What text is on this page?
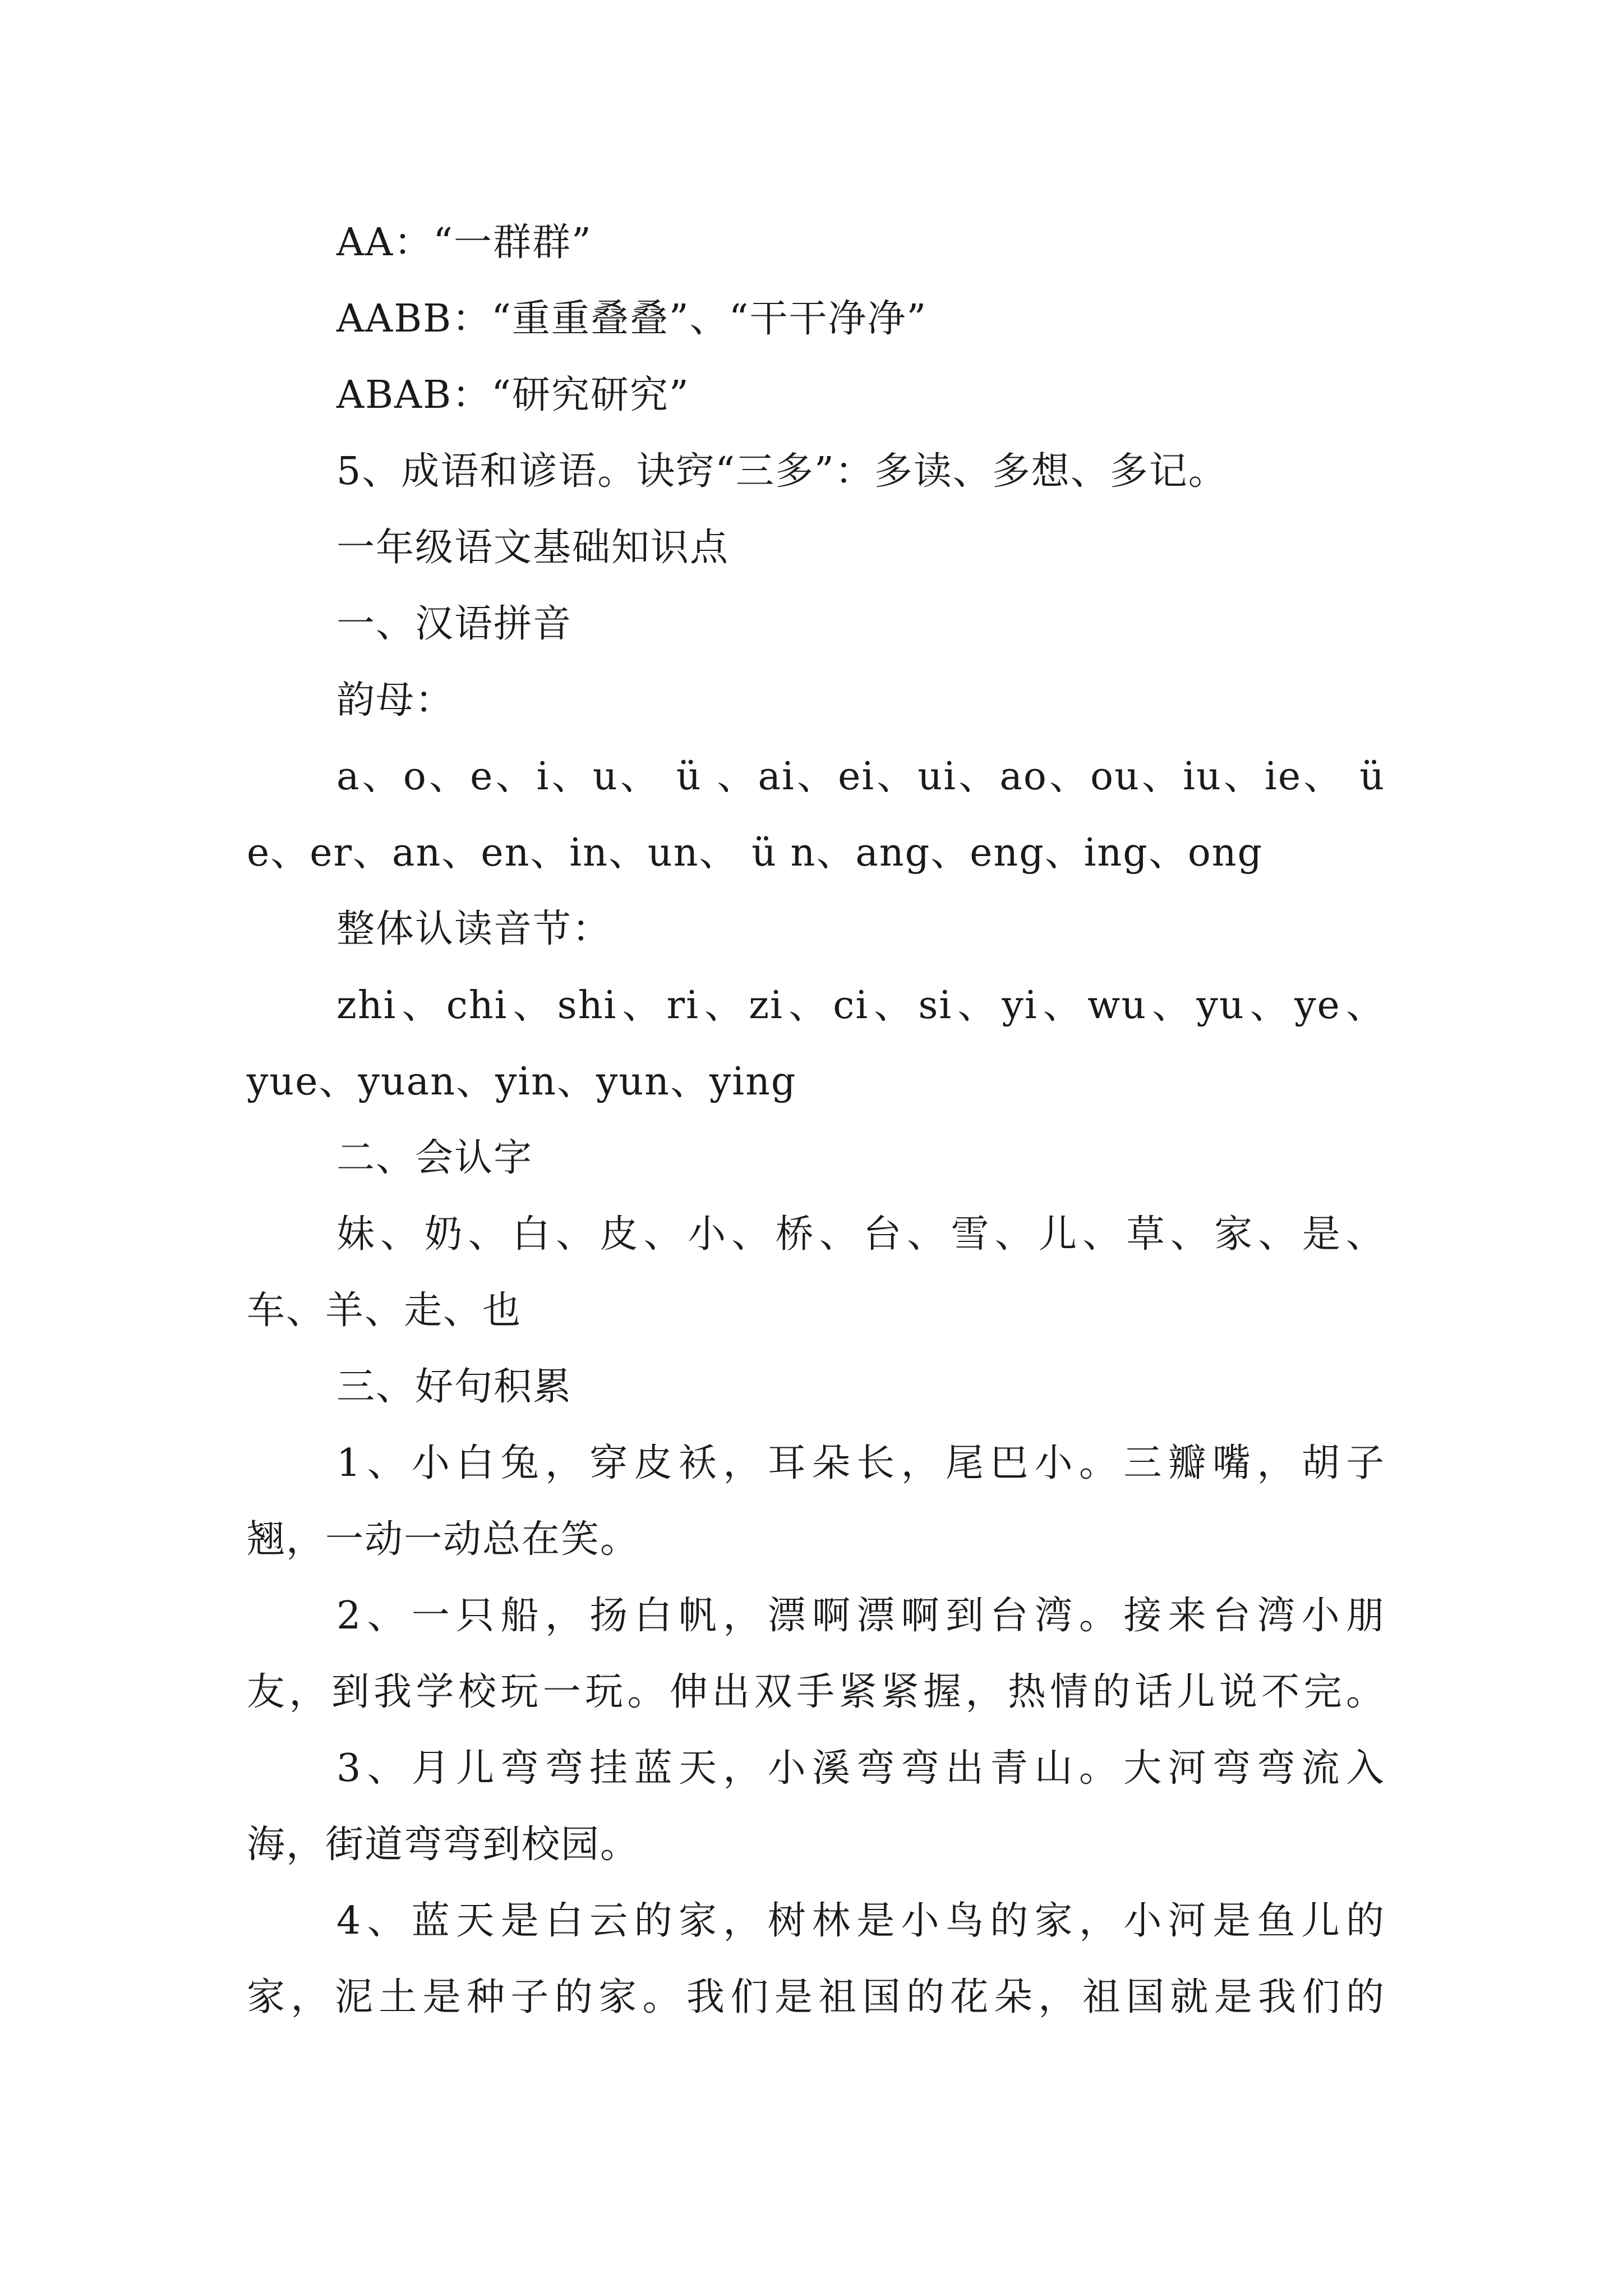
AA：“一群群”
AABB：“重重叠叠”、“干干净净”
ABAB：“研究研究”
5、成语和谚语。诀窍“三多”：多读、多想、多记。
一年级语文基础知识点
一、汉语拼音
韵母：
a、o、e、i、u、 ü 、ai、ei、ui、ao、ou、iu、ie、 ü
e、er、an、en、in、un、 ü n、ang、eng、ing、ong
整体认读音节：
zhi、chi、shi、ri、zi、ci、si、yi、wu、yu、ye、
yue、yuan、yin、yun、ying
二、会认字
妹、奶、白、皮、小、桥、台、雪、儿、草、家、是、
车、羊、走、也
三、好句积累
1、小白兔，穿皮袄，耳朵长，尾巴小。三瓣嘴，胡子
翘，一动一动总在笑。
2、一只船，扬白帆，漂啊漂啊到台湾。接来台湾小朋
友，到我学校玩一玩。伸出双手紧紧握，热情的话儿说不完。
3、月儿弯弯挂蓝天，小溪弯弯出青山。大河弯弯流入
海，街道弯弯到校园。
4、蓝天是白云的家，树林是小鸟的家，小河是鱼儿的
家，泥土是种子的家。我们是祖国的花朵，祖国就是我们的
